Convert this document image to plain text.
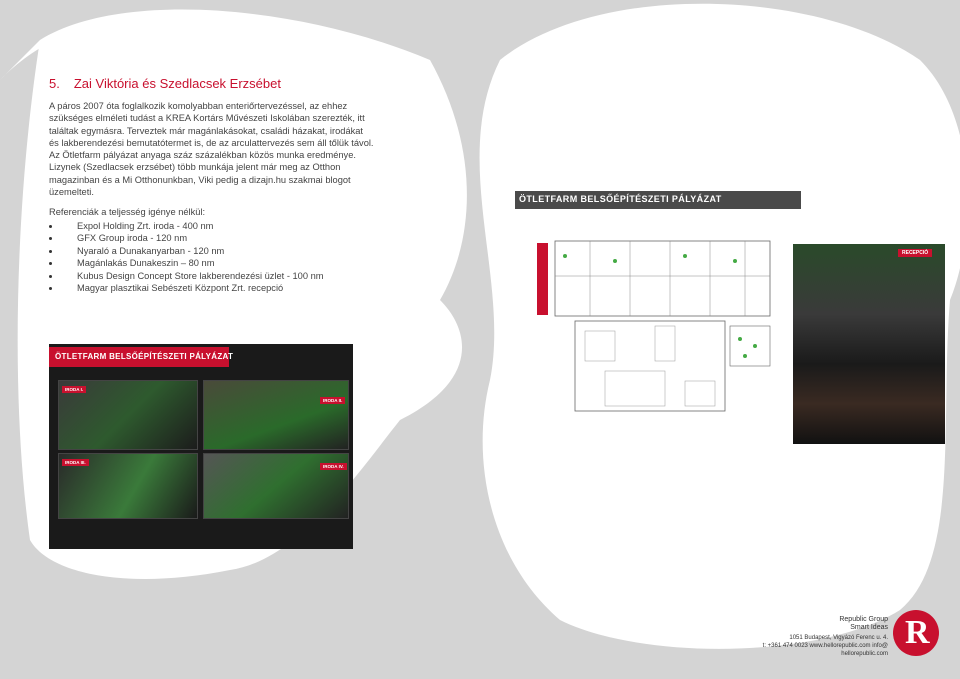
5. Zai Viktória és Szedlacsek Erzsébet
A páros 2007 óta foglalkozik komolyabban enteriőrtervezéssel, az ehhez
szükséges elméleti tudást a KREA Kortárs Művészeti Iskolában szerezték, itt
találtak egymásra. Terveztek már magánlakásokat, családi házakat, irodákat
és lakberendezési bemutatótermet is, de az arculattervezés sem áll tőlük távol.
Az Ötletfarm pályázat anyaga száz százalékban közös munka eredménye.
Lizynek (Szedlacsek erzsébet) több munkája jelent már meg az Otthon
magazinban és a Mi Otthonunkban, Viki pedig a dizajn.hu szakmai blogot
üzemelteti.

Referenciák a teljesség igénye nélkül:

Expol Holding Zrt. iroda - 400 nm
GFX Group iroda - 120 nm
Nyaraló a Dunakanyarban - 120 nm
Magánlakás Dunakeszin – 80 nm
Kubus Design Concept Store lakberendezési üzlet - 100 nm
Magyar plasztikai Sebészeti Központ Zrt. recepció
ÖTLETFARM BELSŐÉPÍTÉSZETI PÁLYÁZAT
IRODA I.
IRODA II.
IRODA III.
IRODA IV.
ÖTLETFARM BELSŐÉPÍTÉSZETI PÁLYÁZAT
ALAPRAJZ
RECEPCIÓ
Republic Group
Smart Ideas
1051 Budapest, Vigyázó Ferenc u. 4.
t: +361 474 0023 www.hellorepublic.com info@
hellorepublic.com
R
